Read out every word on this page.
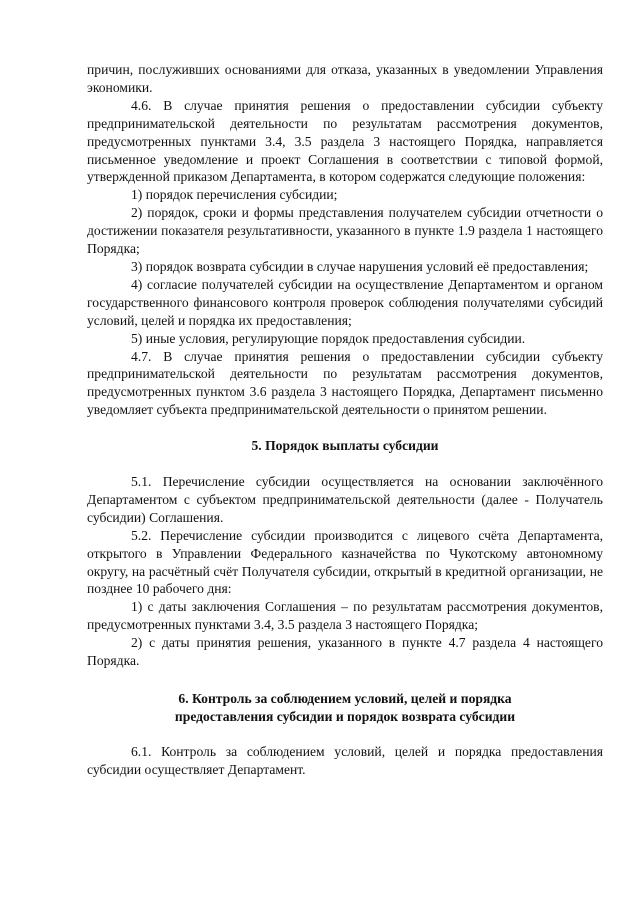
причин, послуживших основаниями для отказа, указанных в уведомлении Управления экономики.

4.6. В случае принятия решения о предоставлении субсидии субъекту предпринимательской деятельности по результатам рассмотрения документов, предусмотренных пунктами 3.4, 3.5 раздела 3 настоящего Порядка, направляется письменное уведомление и проект Соглашения в соответствии с типовой формой, утвержденной приказом Департамента, в котором содержатся следующие положения:

1) порядок перечисления субсидии;

2) порядок, сроки и формы представления получателем субсидии отчетности о достижении показателя результативности, указанного в пункте 1.9 раздела 1 настоящего Порядка;

3) порядок возврата субсидии в случае нарушения условий её предоставления;

4) согласие получателей субсидии на осуществление Департаментом и органом государственного финансового контроля проверок соблюдения получателями субсидий условий, целей и порядка их предоставления;

5) иные условия, регулирующие порядок предоставления субсидии.

4.7. В случае принятия решения о предоставлении субсидии субъекту предпринимательской деятельности по результатам рассмотрения документов, предусмотренных пунктом 3.6 раздела 3 настоящего Порядка, Департамент письменно уведомляет субъекта предпринимательской деятельности о принятом решении.

5. Порядок выплаты субсидии

5.1. Перечисление субсидии осуществляется на основании заключённого Департаментом с субъектом предпринимательской деятельности (далее - Получатель субсидии) Соглашения.

5.2. Перечисление субсидии производится с лицевого счёта Департамента, открытого в Управлении Федерального казначейства по Чукотскому автономному округу, на расчётный счёт Получателя субсидии, открытый в кредитной организации, не позднее 10 рабочего дня:

1) с даты заключения Соглашения – по результатам рассмотрения документов, предусмотренных пунктами 3.4, 3.5 раздела 3 настоящего Порядка;

2) с даты принятия решения, указанного в пункте 4.7 раздела 4 настоящего Порядка.

6. Контроль за соблюдением условий, целей и порядка

предоставления субсидии и порядок возврата субсидии

6.1. Контроль за соблюдением условий, целей и порядка предоставления субсидии осуществляет Департамент.
